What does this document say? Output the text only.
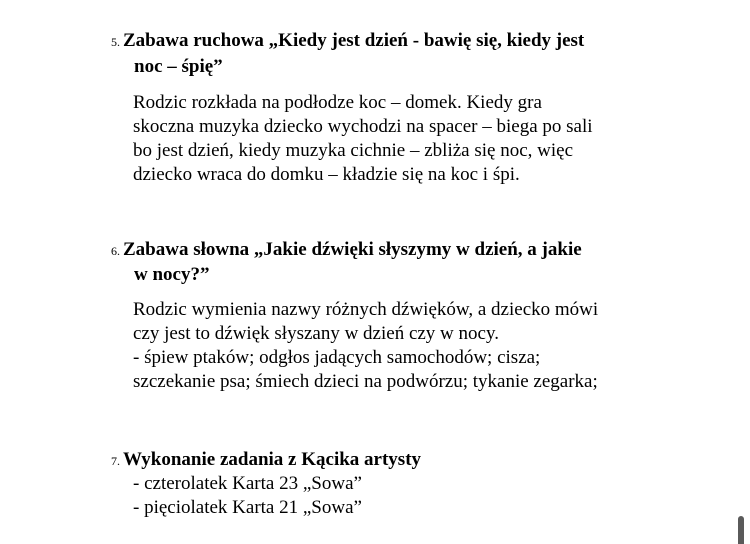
5. Zabawa ruchowa „Kiedy jest dzień - bawię się, kiedy jest
noc – śpię”
Rodzic rozkłada na podłodze koc – domek. Kiedy gra
skoczna muzyka dziecko wychodzi na spacer – biega po sali
bo jest dzień, kiedy muzyka cichnie – zbliża się noc, więc
dziecko wraca do domku – kładzie się na koc i śpi.
6. Zabawa słowna „Jakie dźwięki słyszymy w dzień, a jakie
w nocy?”
Rodzic wymienia nazwy różnych dźwięków, a dziecko mówi
czy jest to dźwięk słyszany w dzień czy w nocy.
- śpiew ptaków; odgłos jadących samochodów; cisza;
szczekanie psa; śmiech dzieci na podwórzu; tykanie zegarka;
7. Wykonanie zadania z Kącika artysty
- czterolatek Karta 23 „Sowa”
- pięciolatek Karta 21 „Sowa”
